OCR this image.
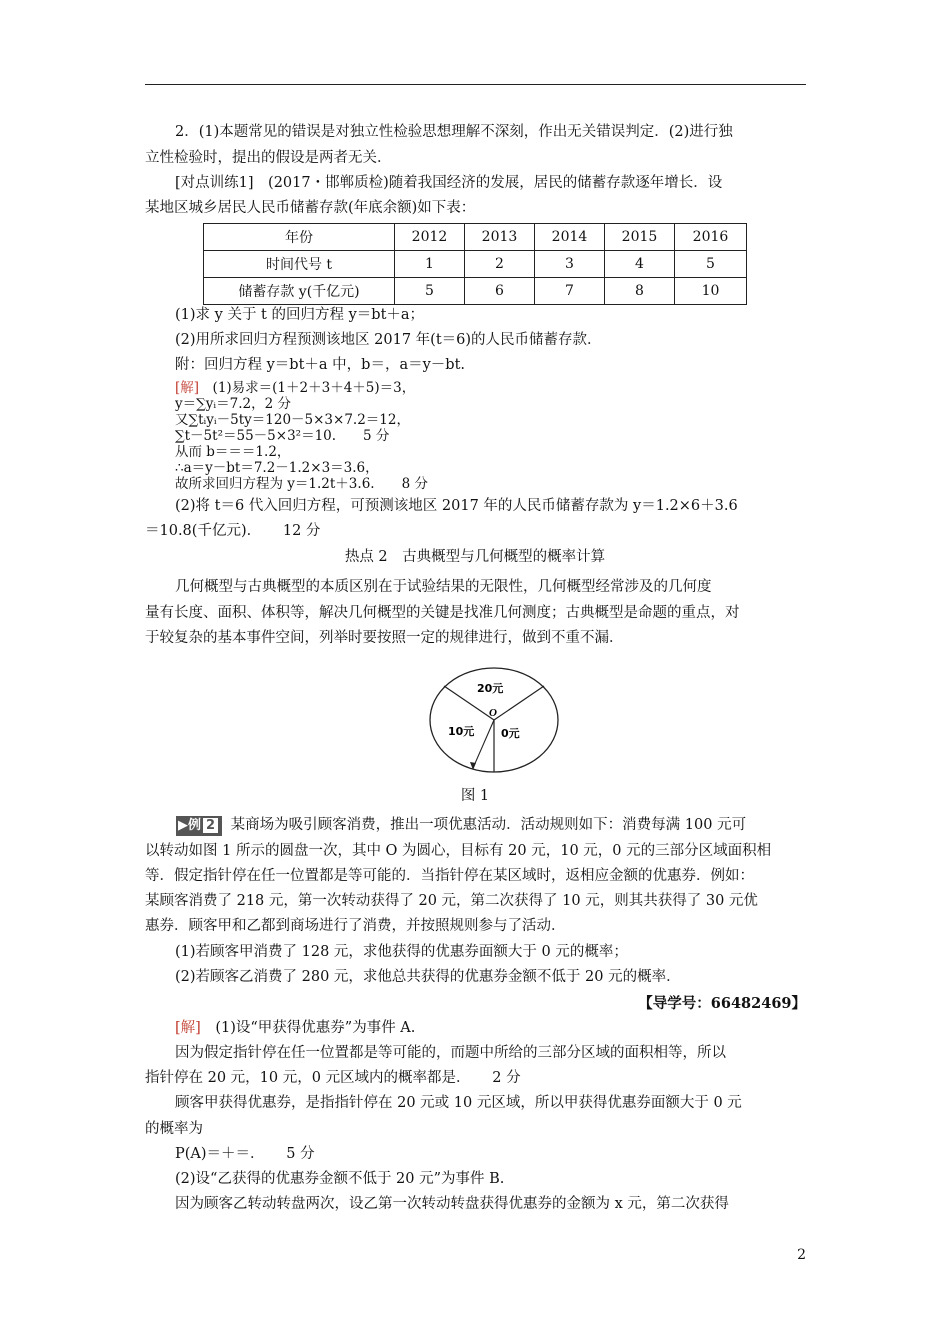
2．(1)本题常见的错误是对独立性检验思想理解不深刻，作出无关错误判定．(2)进行独
立性检验时，提出的假设是两者无关．
[对点训练1]　(2017・邯郸质检)随着我国经济的发展，居民的储蓄存款逐年增长．设
某地区城乡居民人民币储蓄存款(年底余额)如下表：
年份	2012	2013	2014	2015	2016
时间代号 t	1	2	3	4	5
储蓄存款 y(千亿元)	5	6	7	8	10
(1)求 y 关于 t 的回归方程 y＝bt＋a；
(2)用所求回归方程预测该地区 2017 年(t＝6)的人民币储蓄存款．
附：回归方程 y＝bt＋a 中，b＝，a＝y－bt.
[解]　(1)易求＝(1＋2＋3＋4＋5)＝3，
y＝∑yᵢ＝7.2，2 分
又∑tᵢyᵢ－5ty＝120－5×3×7.2＝12，
∑t－5t²＝55－5×3²＝10.　　5 分
从而 b＝＝＝1.2，
∴a＝y－bt＝7.2－1.2×3＝3.6，
故所求回归方程为 y＝1.2t＋3.6.　　8 分
(2)将 t＝6 代入回归方程，可预测该地区 2017 年的人民币储蓄存款为 y＝1.2×6＋3.6
＝10.8(千亿元)．　　12 分
热点 2　古典概型与几何概型的概率计算
几何概型与古典概型的本质区别在于试验结果的无限性，几何概型经常涉及的几何度
量有长度、面积、体积等，解决几何概型的关键是找准几何测度；古典概型是命题的重点，对
于较复杂的基本事件空间，列举时要按照一定的规律进行，做到不重不漏．
O
20元
10元 0元
图 1
▶例 2 某商场为吸引顾客消费，推出一项优惠活动．活动规则如下：消费每满 100 元可
以转动如图 1 所示的圆盘一次，其中 O 为圆心，目标有 20 元，10 元，0 元的三部分区域面积相
等．假定指针停在任一位置都是等可能的．当指针停在某区域时，返相应金额的优惠券．例如：
某顾客消费了 218 元，第一次转动获得了 20 元，第二次获得了 10 元，则其共获得了 30 元优
惠券．顾客甲和乙都到商场进行了消费，并按照规则参与了活动．
(1)若顾客甲消费了 128 元，求他获得的优惠券面额大于 0 元的概率；
(2)若顾客乙消费了 280 元，求他总共获得的优惠券金额不低于 20 元的概率．
【导学号：66482469】
[解]　(1)设“甲获得优惠券”为事件 A.
因为假定指针停在任一位置都是等可能的，而题中所给的三部分区域的面积相等，所以
指针停在 20 元，10 元，0 元区域内的概率都是．　　2 分
顾客甲获得优惠券，是指指针停在 20 元或 10 元区域，所以甲获得优惠券面额大于 0 元
的概率为
P(A)＝＋＝．　　5 分
(2)设“乙获得的优惠券金额不低于 20 元”为事件 B.
因为顾客乙转动转盘两次，设乙第一次转动转盘获得优惠券的金额为 x 元，第二次获得
2
